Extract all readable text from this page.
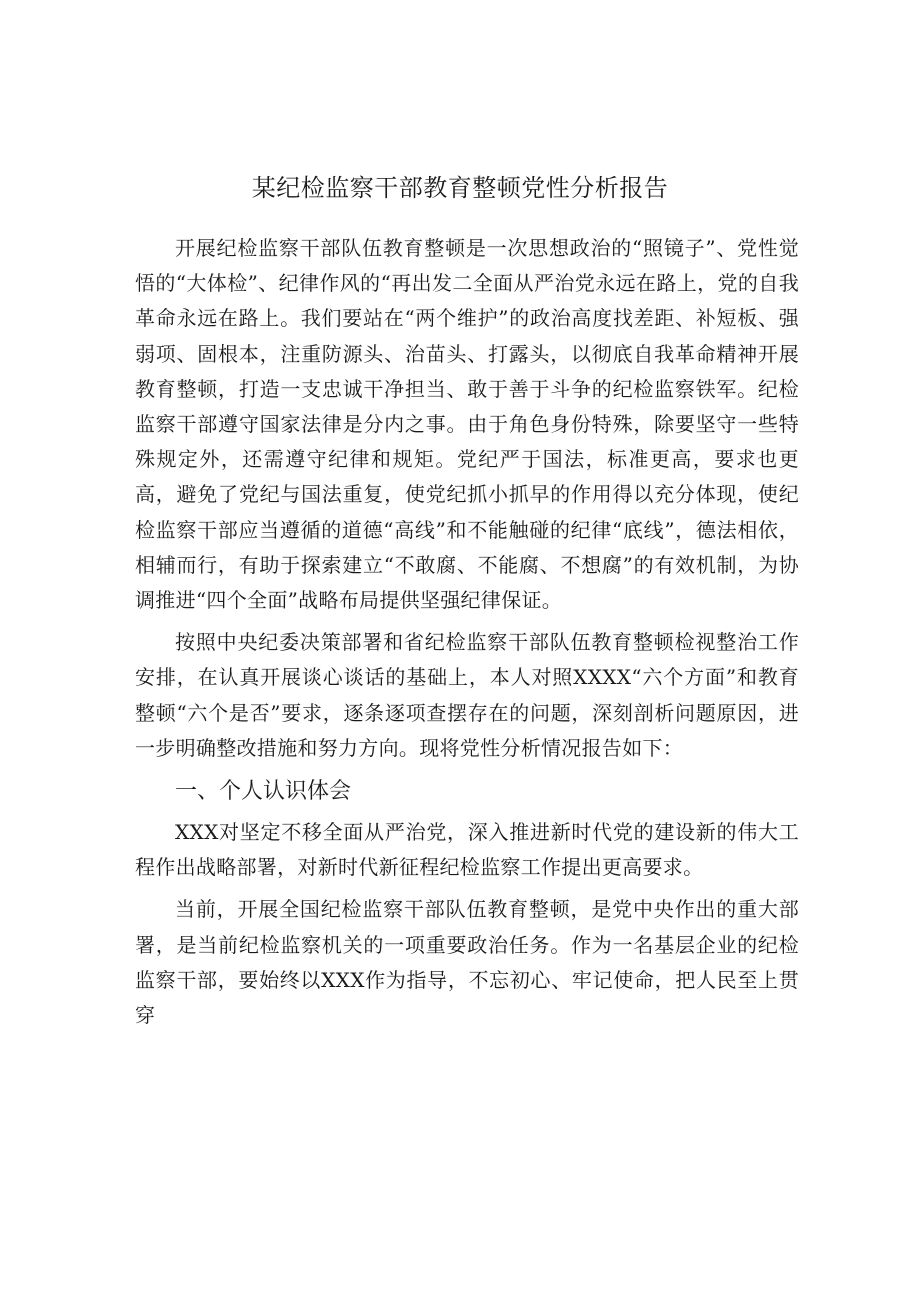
某纪检监察干部教育整顿党性分析报告

开展纪检监察干部队伍教育整顿是一次思想政治的“照镜子”、党性觉悟的“大体检”、纪律作风的“再出发二全面从严治党永远在路上，党的自我革命永远在路上。我们要站在“两个维护”的政治高度找差距、补短板、强弱项、固根本，注重防源头、治苗头、打露头，以彻底自我革命精神开展教育整顿，打造一支忠诚干净担当、敢于善于斗争的纪检监察铁军。纪检监察干部遵守国家法律是分内之事。由于角色身份特殊，除要坚守一些特殊规定外，还需遵守纪律和规矩。党纪严于国法，标准更高，要求也更高，避免了党纪与国法重复，使党纪抓小抓早的作用得以充分体现，使纪检监察干部应当遵循的道德“高线”和不能触碰的纪律“底线”，德法相依，相辅而行，有助于探索建立“不敢腐、不能腐、不想腐”的有效机制，为协调推进“四个全面”战略布局提供坚强纪律保证。

按照中央纪委决策部署和省纪检监察干部队伍教育整顿检视整治工作安排，在认真开展谈心谈话的基础上，本人对照XXXX“六个方面”和教育整顿“六个是否”要求，逐条逐项查摆存在的问题，深刻剖析问题原因，进一步明确整改措施和努力方向。现将党性分析情况报告如下：

一、个人认识体会

XXX对坚定不移全面从严治党，深入推进新时代党的建设新的伟大工程作出战略部署，对新时代新征程纪检监察工作提出更高要求。

当前，开展全国纪检监察干部队伍教育整顿，是党中央作出的重大部署，是当前纪检监察机关的一项重要政治任务。作为一名基层企业的纪检监察干部，要始终以XXX作为指导，不忘初心、牢记使命，把人民至上贯穿
